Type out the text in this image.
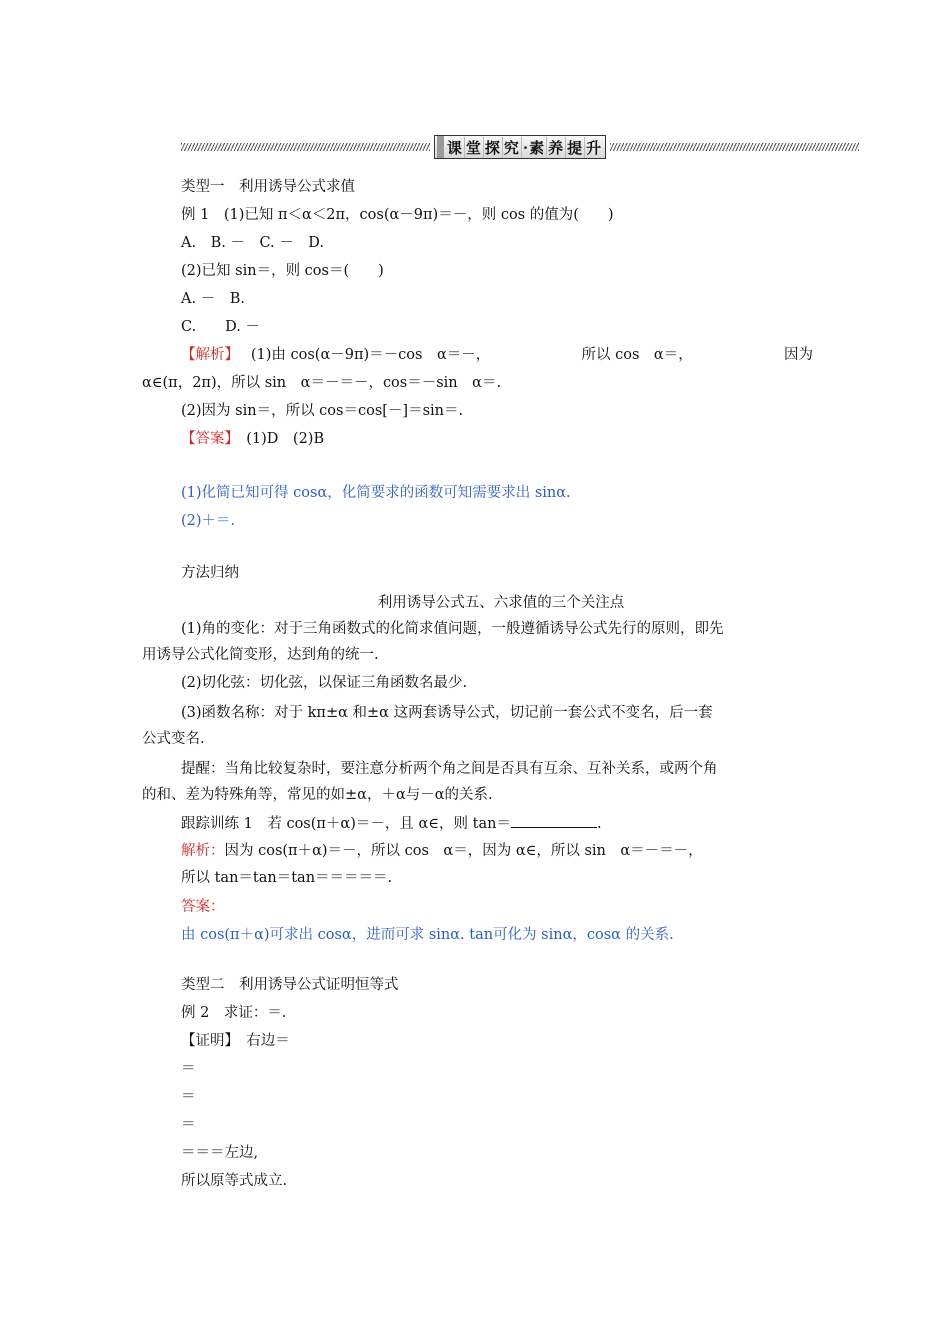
课 堂 探 究 ·素 养 提 升
类型一　利用诱导公式求值
例 1　(1)已知 π＜α＜2π，cos(α－9π)＝－，则 cos 的值为(　　)
A.　B. －　C. －　D.
(2)已知 sin＝，则 cos＝(　　)
A. －　B.
C.　　D. －
α∈(π，2π)，所以 sin　α＝－＝－，cos＝－sin　α＝.
(2)因为 sin＝，所以 cos＝cos[－]＝sin＝.
方法归纳
用诱导公式化简变形，达到角的统一.
(2)切化弦：切化弦，以保证三角函数名最少.
公式变名.
的和、差为特殊角等，常见的如±α，＋α与－α的关系.
所以 tan＝tan＝tan＝＝＝＝＝.
类型二　利用诱导公式证明恒等式
例 2　求证：＝.
【证明】　右边＝
＝
＝
＝
＝＝＝左边,
所以原等式成立.
【解析】　 (1)由 cos(α－9π)＝－cos　α＝－，	所以 cos　α＝，	因为
【答案】　 (1)D　(2)B
(1)化简已知可得 cosα，化简要求的函数可知需要求出 sinα.
(2)＋＝.
利用诱导公式五、六求值的三个关注点
(1)角的变化：对于三角函数式的化简求值问题，一般遵循诱导公式先行的原则，即先
(3)函数名称：对于 kπ±α 和±α 这两套诱导公式，切记前一套公式不变名，后一套
提醒：当角比较复杂时，要注意分析两个角之间是否具有互余、互补关系，或两个角
跟踪训练 1　若 cos(π＋α)＝－，且 α∈，则 tan＝	.
解析：因为 cos(π＋α)＝－，所以 cos　α＝，因为 α∈，所以 sin　α＝－＝－，
答案：
由 cos(π＋α)可求出 cosα，进而可求 sinα. tan可化为 sinα，cosα 的关系.
